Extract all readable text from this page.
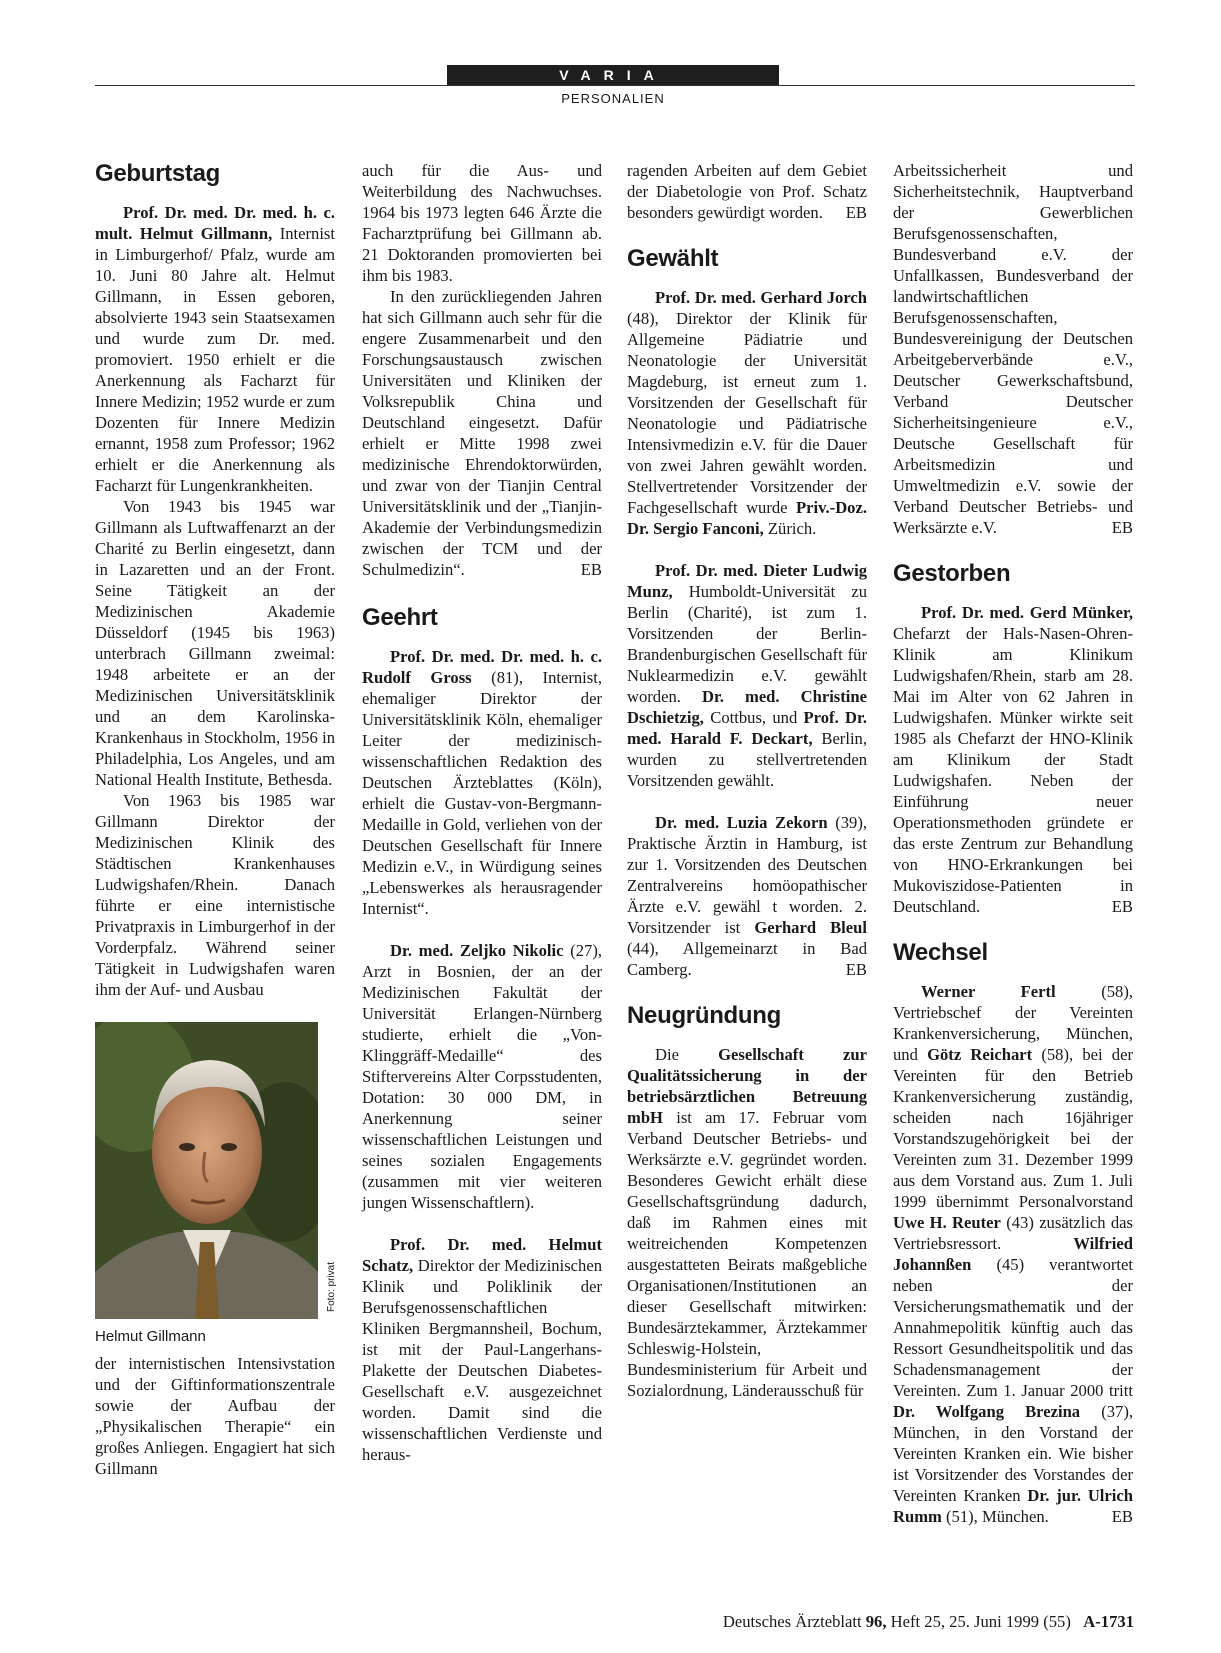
VARIA
PERSONALIEN
Geburtstag

Prof. Dr. med. Dr. med. h. c. mult. Helmut Gillmann, Internist in Limburgerhof/ Pfalz, wurde am 10. Juni 80 Jahre alt. Helmut Gillmann, in Essen geboren, absolvierte 1943 sein Staatsexamen und wurde zum Dr. med. promoviert. 1950 erhielt er die Anerkennung als Facharzt für Innere Medizin; 1952 wurde er zum Dozenten für Innere Medizin ernannt, 1958 zum Professor; 1962 erhielt er die Anerkennung als Facharzt für Lungenkrankheiten.

Von 1943 bis 1945 war Gillmann als Luftwaffenarzt an der Charité zu Berlin eingesetzt, dann in Lazaretten und an der Front. Seine Tätigkeit an der Medizinischen Akademie Düsseldorf (1945 bis 1963) unterbrach Gillmann zweimal: 1948 arbeitete er an der Medizinischen Universitätsklinik und an dem Karolinska-Krankenhaus in Stockholm, 1956 in Philadelphia, Los Angeles, und am National Health Institute, Bethesda.

Von 1963 bis 1985 war Gillmann Direktor der Medizinischen Klinik des Städtischen Krankenhauses Ludwigshafen/Rhein. Danach führte er eine internistische Privatpraxis in Limburgerhof in der Vorderpfalz. Während seiner Tätigkeit in Ludwigshafen waren ihm der Auf- und Ausbau

Foto: privat
Helmut Gillmann

der internistischen Intensivstation und der Giftinformationszentrale sowie der Aufbau der „Physikalischen Therapie“ ein großes Anliegen. Engagiert hat sich Gillmann

auch für die Aus- und Weiterbildung des Nachwuchses. 1964 bis 1973 legten 646 Ärzte die Facharztprüfung bei Gillmann ab. 21 Doktoranden promovierten bei ihm bis 1983.

In den zurückliegenden Jahren hat sich Gillmann auch sehr für die engere Zusammenarbeit und den Forschungsaustausch zwischen Universitäten und Kliniken der Volksrepublik China und Deutschland eingesetzt. Dafür erhielt er Mitte 1998 zwei medizinische Ehrendoktorwürden, und zwar von der Tianjin Central Universitätsklinik und der „Tianjin-Akademie der Verbindungsmedizin zwischen der TCM und der Schulmedizin“.	EB

Geehrt

Prof. Dr. med. Dr. med. h. c. Rudolf Gross (81), Internist, ehemaliger Direktor der Universitätsklinik Köln, ehemaliger Leiter der medizinisch-wissenschaftlichen Redaktion des Deutschen Ärzteblattes (Köln), erhielt die Gustav-von-Bergmann-Medaille in Gold, verliehen von der Deutschen Gesellschaft für Innere Medizin e.V., in Würdigung seines „Lebenswerkes als herausragender Internist“.

Dr. med. Zeljko Nikolic (27), Arzt in Bosnien, der an der Medizinischen Fakultät der Universität Erlangen-Nürnberg studierte, erhielt die „Von-Klinggräff-Medaille“ des Stiftervereins Alter Corpsstudenten, Dotation: 30 000 DM, in Anerkennung seiner wissenschaftlichen Leistungen und seines sozialen Engagements (zusammen mit vier weiteren jungen Wissenschaftlern).

Prof. Dr. med. Helmut Schatz, Direktor der Medizinischen Klinik und Poliklinik der Berufsgenossenschaftlichen Kliniken Bergmannsheil, Bochum, ist mit der Paul-Langerhans-Plakette der Deutschen Diabetes-Gesellschaft e.V. ausgezeichnet worden. Damit sind die wissenschaftlichen Verdienste und heraus-

ragenden Arbeiten auf dem Gebiet der Diabetologie von Prof. Schatz besonders gewürdigt worden. EB

Gewählt

Prof. Dr. med. Gerhard Jorch (48), Direktor der Klinik für Allgemeine Pädiatrie und Neonatologie der Universität Magdeburg, ist erneut zum 1. Vorsitzenden der Gesellschaft für Neonatologie und Pädiatrische Intensivmedizin e.V. für die Dauer von zwei Jahren gewählt worden. Stellvertretender Vorsitzender der Fachgesellschaft wurde Priv.-Doz. Dr. Sergio Fanconi, Zürich.

Prof. Dr. med. Dieter Ludwig Munz, Humboldt-Universität zu Berlin (Charité), ist zum 1. Vorsitzenden der Berlin-Brandenburgischen Gesellschaft für Nuklearmedizin e.V. gewählt worden. Dr. med. Christine Dschietzig, Cottbus, und Prof. Dr. med. Harald F. Deckart, Berlin, wurden zu stellvertretenden Vorsitzenden gewählt.

Dr. med. Luzia Zekorn (39), Praktische Ärztin in Hamburg, ist zur 1. Vorsitzenden des Deutschen Zentralvereins homöopathischer Ärzte e.V. gewähl t worden. 2. Vorsitzender ist Gerhard Bleul (44), Allgemeinarzt in Bad Camberg.	EB

Neugründung

Die Gesellschaft zur Qualitätssicherung in der betriebsärztlichen Betreuung mbH ist am 17. Februar vom Verband Deutscher Betriebs- und Werksärzte e.V. gegründet worden. Besonderes Gewicht erhält diese Gesellschaftsgründung dadurch, daß im Rahmen eines mit weitreichenden Kompetenzen ausgestatteten Beirats maßgebliche Organisationen/Institutionen an dieser Gesellschaft mitwirken: Bundesärztekammer, Ärztekammer Schleswig-Holstein, Bundesministerium für Arbeit und Sozialordnung, Länderausschuß für

Arbeitssicherheit und Sicherheitstechnik, Hauptverband der Gewerblichen Berufsgenossenschaften, Bundesverband e.V. der Unfallkassen, Bundesverband der landwirtschaftlichen Berufsgenossenschaften, Bundesvereinigung der Deutschen Arbeitgeberverbände e.V., Deutscher Gewerkschaftsbund, Verband Deutscher Sicherheitsingenieure e.V., Deutsche Gesellschaft für Arbeitsmedizin und Umweltmedizin e.V. sowie der Verband Deutscher Betriebs- und Werksärzte e.V.	EB

Gestorben

Prof. Dr. med. Gerd Münker, Chefarzt der Hals-Nasen-Ohren-Klinik am Klinikum Ludwigshafen/Rhein, starb am 28. Mai im Alter von 62 Jahren in Ludwigshafen. Münker wirkte seit 1985 als Chefarzt der HNO-Klinik am Klinikum der Stadt Ludwigshafen. Neben der Einführung neuer Operationsmethoden gründete er das erste Zentrum zur Behandlung von HNO-Erkrankungen bei Mukoviszidose-Patienten in Deutschland.	EB

Wechsel

Werner Fertl (58), Vertriebschef der Vereinten Krankenversicherung, München, und Götz Reichart (58), bei der Vereinten für den Betrieb Krankenversicherung zuständig, scheiden nach 16jähriger Vorstandszugehörigkeit bei der Vereinten zum 31. Dezember 1999 aus dem Vorstand aus. Zum 1. Juli 1999 übernimmt Personalvorstand Uwe H. Reuter (43) zusätzlich das Vertriebsressort. Wilfried Johannßen (45) verantwortet neben der Versicherungsmathematik und der Annahmepolitik künftig auch das Ressort Gesundheitspolitik und das Schadensmanagement der Vereinten. Zum 1. Januar 2000 tritt Dr. Wolfgang Brezina (37), München, in den Vorstand der Vereinten Kranken ein. Wie bisher ist Vorsitzender des Vorstandes der Vereinten Kranken Dr. jur. Ulrich Rumm (51), München.	EB

Deutsches Ärzteblatt 96, Heft 25, 25. Juni 1999 (55) A-1731
